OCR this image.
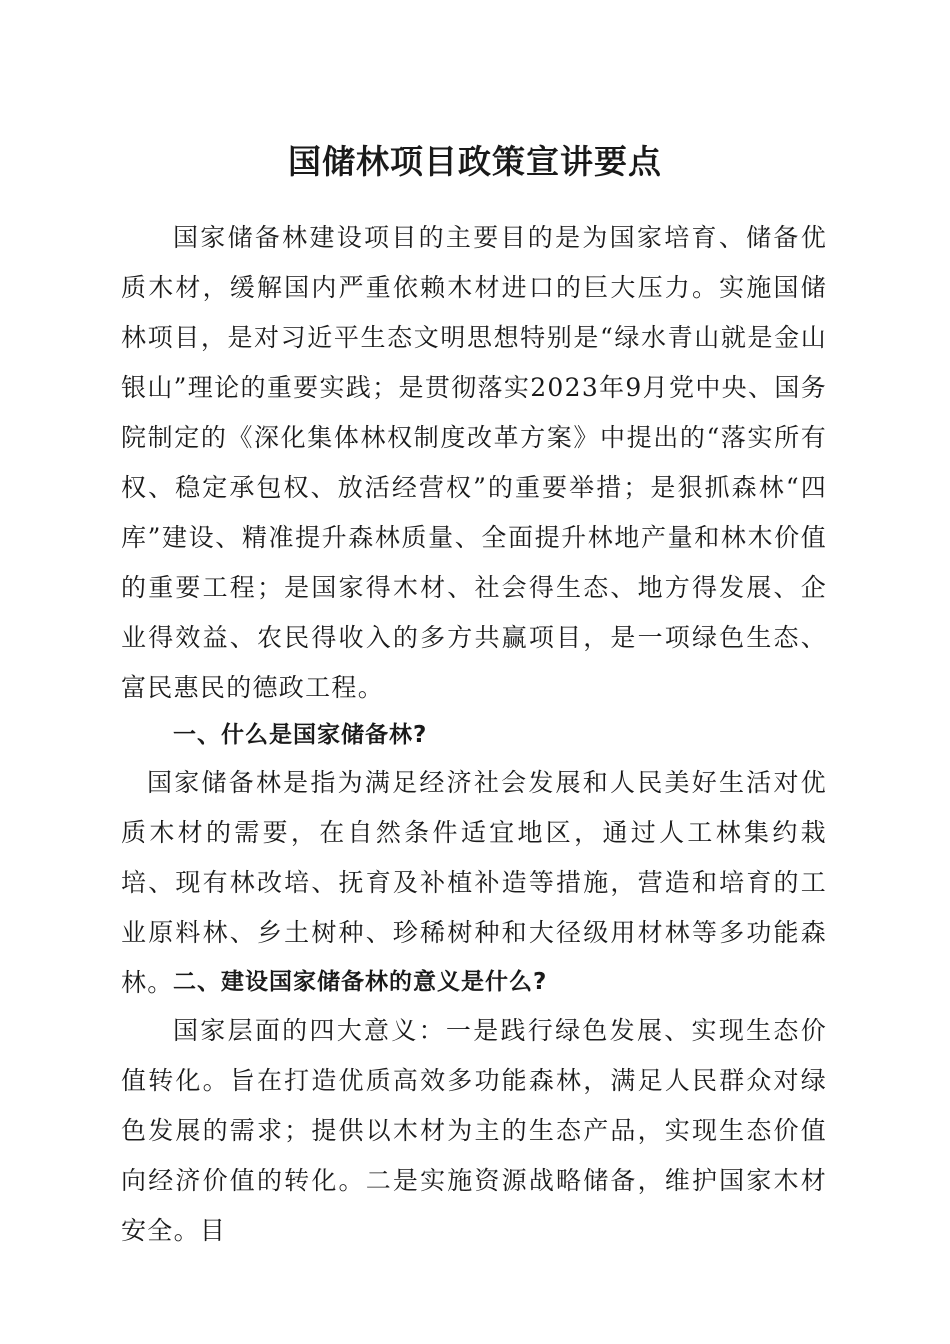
国储林项目政策宣讲要点

国家储备林建设项目的主要目的是为国家培育、储备优质木材，缓解国内严重依赖木材进口的巨大压力。实施国储林项目，是对习近平生态文明思想特别是“绿水青山就是金山银山”理论的重要实践；是贯彻落实2023年9月党中央、国务院制定的《深化集体林权制度改革方案》中提出的“落实所有权、稳定承包权、放活经营权”的重要举措；是狠抓森林“四库”建设、精准提升森林质量、全面提升林地产量和林木价值的重要工程；是国家得木材、社会得生态、地方得发展、企业得效益、农民得收入的多方共赢项目，是一项绿色生态、富民惠民的德政工程。

一、什么是国家储备林?

国家储备林是指为满足经济社会发展和人民美好生活对优质木材的需要，在自然条件适宜地区，通过人工林集约栽培、现有林改培、抚育及补植补造等措施，营造和培育的工业原料林、乡土树种、珍稀树种和大径级用材林等多功能森林。 二、建设国家储备林的意义是什么?

国家层面的四大意义：一是践行绿色发展、实现生态价值转化。旨在打造优质高效多功能森林，满足人民群众对绿色发展的需求；提供以木材为主的生态产品，实现生态价值向经济价值的转化。二是实施资源战略储备，维护国家木材安全。目
